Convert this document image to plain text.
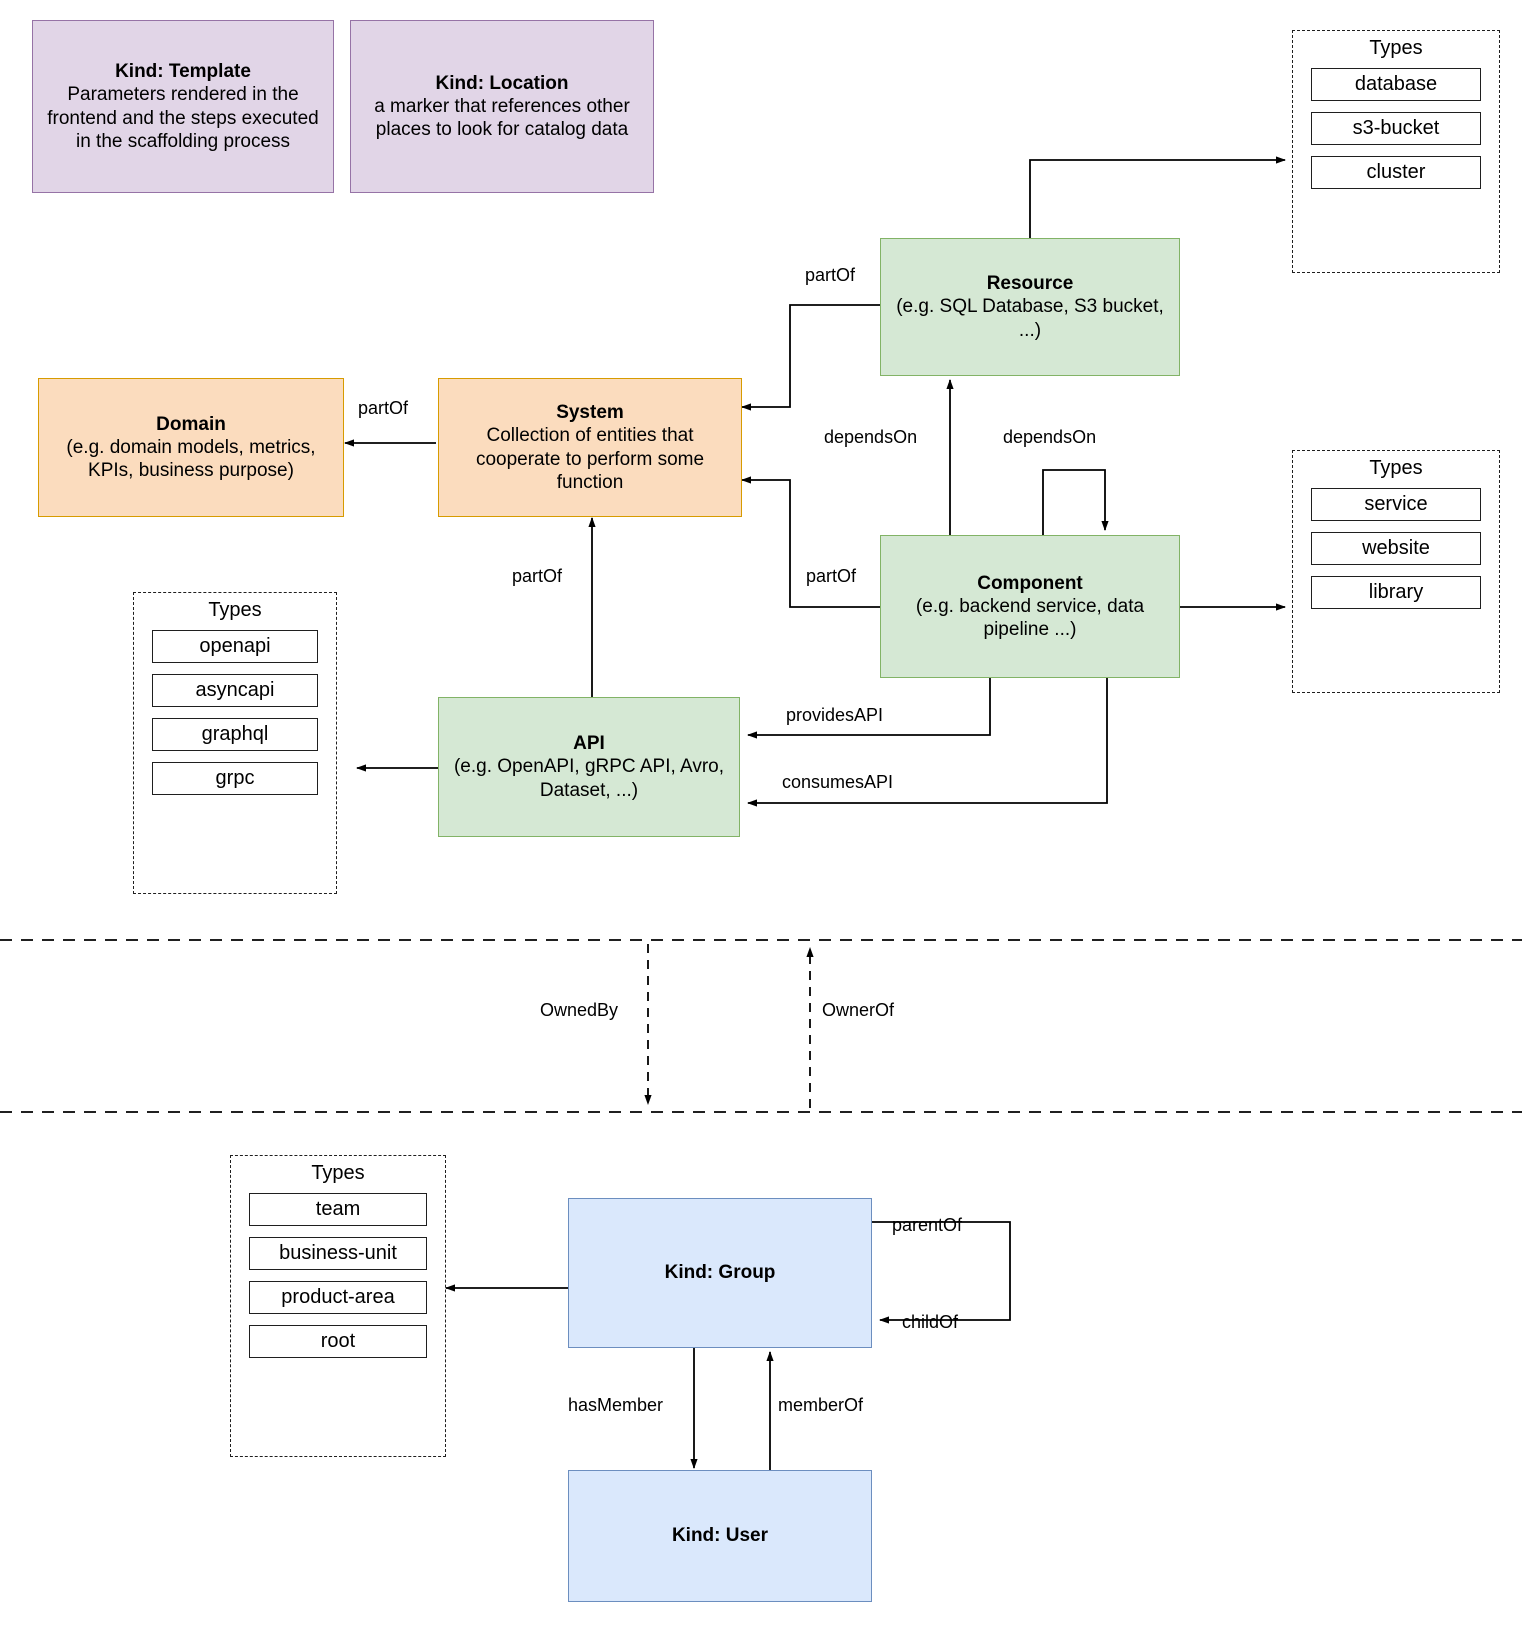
Kind: Template
Parameters rendered in the frontend and the steps executed in the scaffolding process
Kind: Location
a marker that references other places to look for catalog data
Domain
(e.g. domain models, metrics, KPIs, business purpose)
System
Collection of entities that cooperate to perform some function
Resource
(e.g. SQL Database, S3 bucket, ...)
Component
(e.g. backend service, data pipeline ...)
API
(e.g. OpenAPI, gRPC API, Avro, Dataset, ...)
Kind: Group
Kind: User
Types
database
s3-bucket
cluster
Types
service
website
library
Types
openapi
asyncapi
graphql
grpc
Types
team
business-unit
product-area
root
partOf
partOf
dependsOn	dependsOn
partOf
partOf
providesAPI
consumesAPI
OwnedBy	OwnerOf
parentOf
childOf
hasMember	memberOf
